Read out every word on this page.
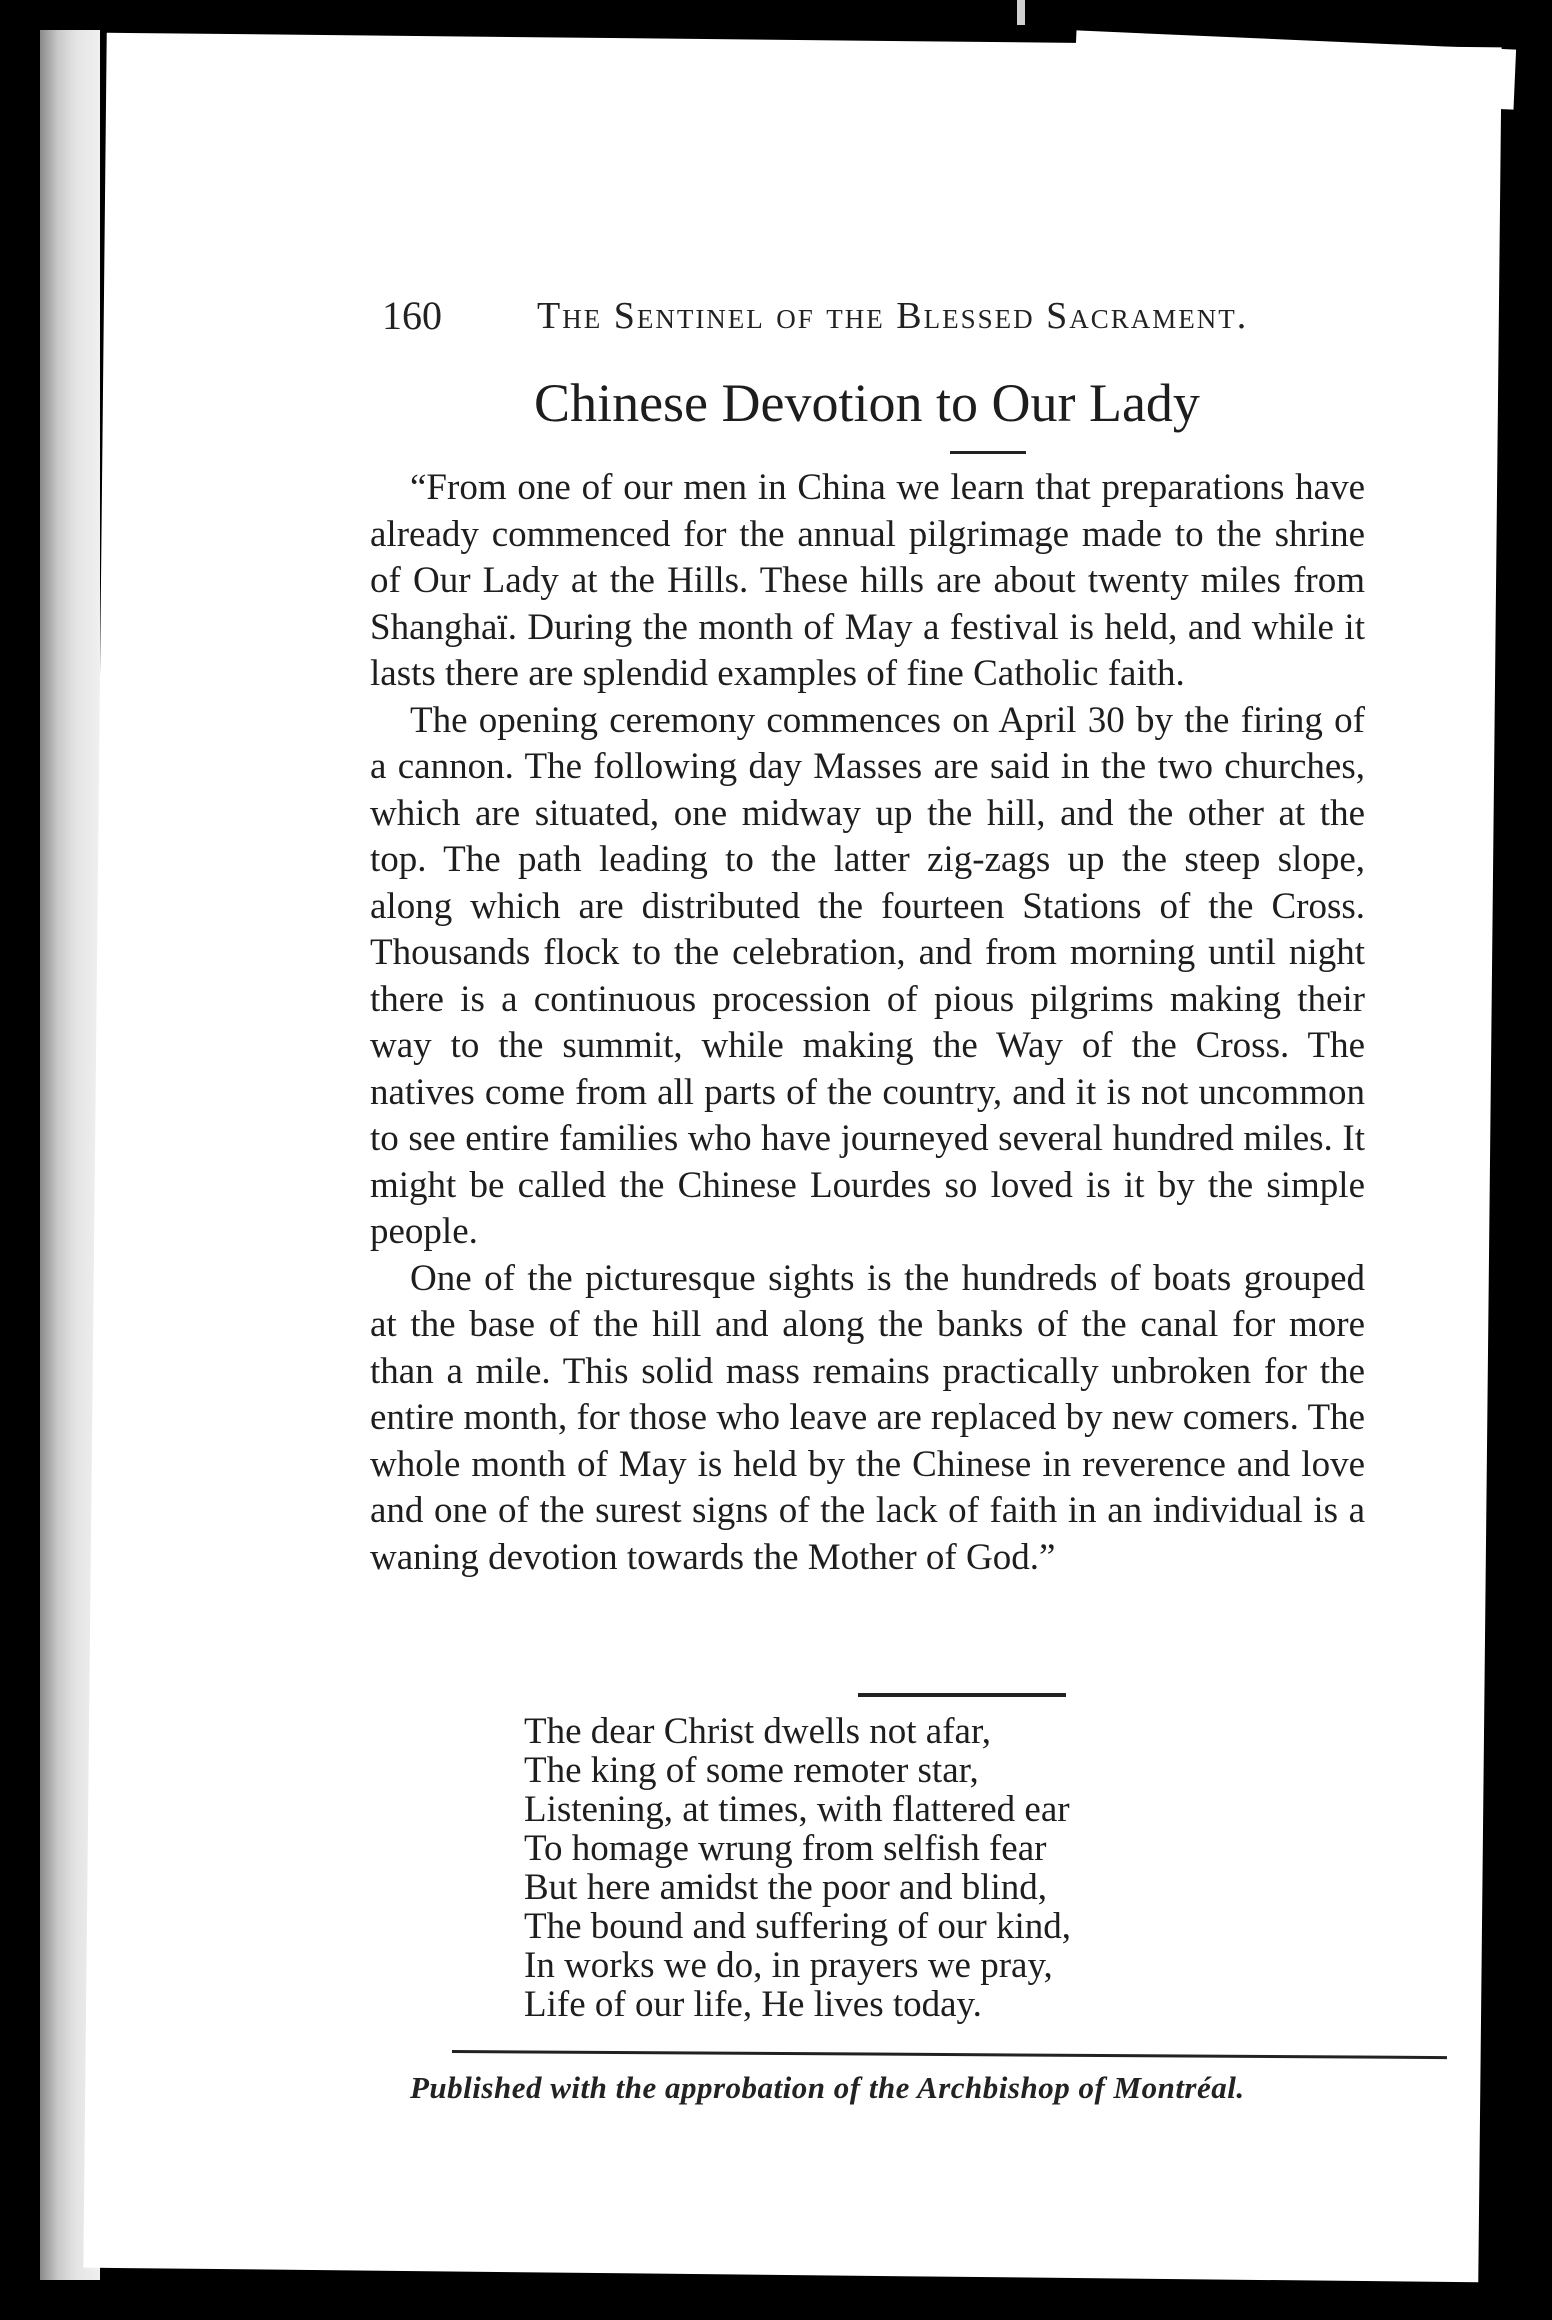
160	The Sentinel of the Blessed Sacrament.
Chinese Devotion to Our Lady

“From one of our men in China we learn that preparations have already commenced for the annual pilgrimage made to the shrine of Our Lady at the Hills. These hills are about twenty miles from Shanghaï. During the month of May a festival is held, and while it lasts there are splendid examples of fine Catholic faith.

The opening ceremony commences on April 30 by the firing of a cannon. The following day Masses are said in the two churches, which are situated, one midway up the hill, and the other at the top. The path leading to the latter zig-zags up the steep slope, along which are distributed the fourteen Stations of the Cross. Thousands flock to the celebration, and from morning until night there is a continuous procession of pious pilgrims making their way to the summit, while making the Way of the Cross. The natives come from all parts of the country, and it is not uncommon to see entire families who have journeyed several hundred miles. It might be called the Chinese Lourdes so loved is it by the simple people.

One of the picturesque sights is the hundreds of boats grouped at the base of the hill and along the banks of the canal for more than a mile. This solid mass remains practically unbroken for the entire month, for those who leave are replaced by new comers. The whole month of May is held by the Chinese in reverence and love and one of the surest signs of the lack of faith in an individual is a waning devotion towards the Mother of God.”

The dear Christ dwells not afar,
The king of some remoter star,
Listening, at times, with flattered ear
To homage wrung from selfish fear
But here amidst the poor and blind,
The bound and suffering of our kind,
In works we do, in prayers we pray,
Life of our life, He lives today.
Published with the approbation of the Archbishop of Montréal.
